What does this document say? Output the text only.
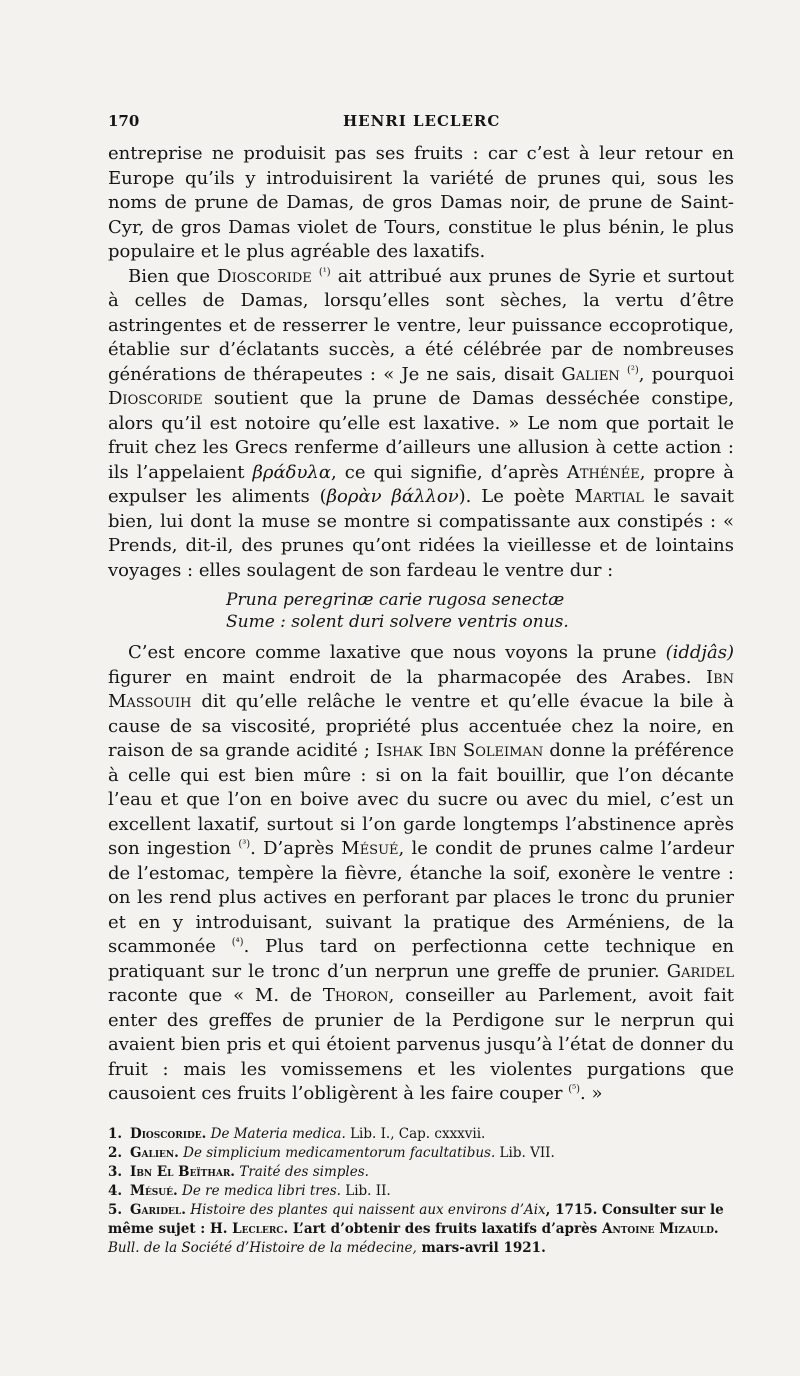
170	HENRI LECLERC

entreprise ne produisit pas ses fruits : car c’est à leur retour en Europe qu’ils y introduisirent la variété de prunes qui, sous les noms de prune de Damas, de gros Damas noir, de prune de Saint-Cyr, de gros Damas violet de Tours, constitue le plus bénin, le plus populaire et le plus agréable des laxatifs.

Bien que Dioscoride $^{(^1)}$ ait attribué aux prunes de Syrie et surtout à celles de Damas, lorsqu’elles sont sèches, la vertu d’être astringentes et de resserrer le ventre, leur puissance eccoprotique, établie sur d’éclatants succès, a été célébrée par de nombreuses générations de thérapeutes : « Je ne sais, disait Galien $^{(^2)}$, pourquoi Dioscoride soutient que la prune de Damas desséchée constipe, alors qu’il est notoire qu’elle est laxative. » Le nom que portait le fruit chez les Grecs renferme d’ailleurs une allusion à cette action : ils l’appelaient βράδυλα, ce qui signifie, d’après Athénée, propre à expulser les aliments (βορὰν βάλλον). Le poète Martial le savait bien, lui dont la muse se montre si compatissante aux constipés : « Prends, dit-il, des prunes qu’ont ridées la vieillesse et de lointains voyages : elles soulagent de son fardeau le ventre dur :

Pruna peregrinæ carie rugosa senectæ
Sume : solent duri solvere ventris onus.

C’est encore comme laxative que nous voyons la prune (iddjâs) figurer en maint endroit de la pharmacopée des Arabes. Ibn Massouih dit qu’elle relâche le ventre et qu’elle évacue la bile à cause de sa viscosité, propriété plus accentuée chez la noire, en raison de sa grande acidité ; Ishak Ibn Soleiman donne la préférence à celle qui est bien mûre : si on la fait bouillir, que l’on décante l’eau et que l’on en boive avec du sucre ou avec du miel, c’est un excellent laxatif, surtout si l’on garde longtemps l’abstinence après son ingestion $^{(^3)}$. D’après Mésué, le condit de prunes calme l’ardeur de l’estomac, tempère la fièvre, étanche la soif, exonère le ventre : on les rend plus actives en perforant par places le tronc du prunier et en y introduisant, suivant la pratique des Arméniens, de la scammonée $^{(^4)}$. Plus tard on perfectionna cette technique en pratiquant sur le tronc d’un nerprun une greffe de prunier. Garidel raconte que « M. de Thoron, conseiller au Parlement, avoit fait enter des greffes de prunier de la Perdigone sur le nerprun qui avaient bien pris et qui étoient parvenus jusqu’à l’état de donner du fruit : mais les vomissemens et les violentes purgations que causoient ces fruits l’obligèrent à les faire couper $^{(^5)}$. »

1. Dioscoride. De Materia medica. Lib. I., Cap. cxxxvii.

2. Galien. De simplicium medicamentorum facultatibus. Lib. VII.

3. Ibn El Beïthar. Traité des simples.

4. Mésué. De re medica libri tres. Lib. II.

5. Garidel. Histoire des plantes qui naissent aux environs d’Aix, 1715. Consulter sur le même sujet : H. Leclerc. L’art d’obtenir des fruits laxatifs d’après Antoine Mizauld. Bull. de la Société d’Histoire de la médecine, mars-avril 1921.
